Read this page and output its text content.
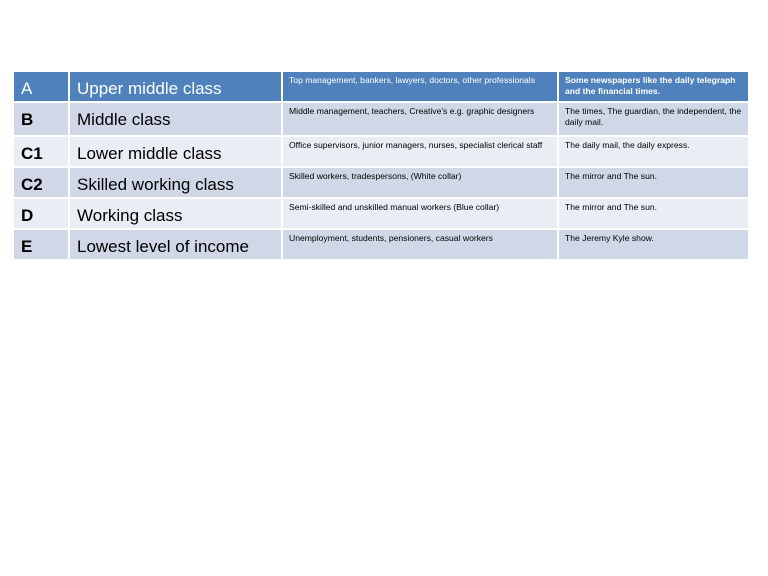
A	Upper middle class	Top management, bankers, lawyers, doctors, other professionals	Some newspapers like the daily telegraph and the financial times.
B	Middle class	Middle management, teachers, Creative's e.g. graphic designers	The times, The guardian, the independent, the daily mail.
C1	Lower middle class	Office supervisors, junior managers, nurses, specialist clerical staff	The daily mail, the daily express.
C2	Skilled working class	Skilled workers, tradespersons, (White collar)	The mirror and The sun.
D	Working class	Semi-skilled and unskilled manual workers (Blue collar)	The mirror and The sun.
E	Lowest level of income	Unemployment, students, pensioners, casual workers	The Jeremy Kyle show.
